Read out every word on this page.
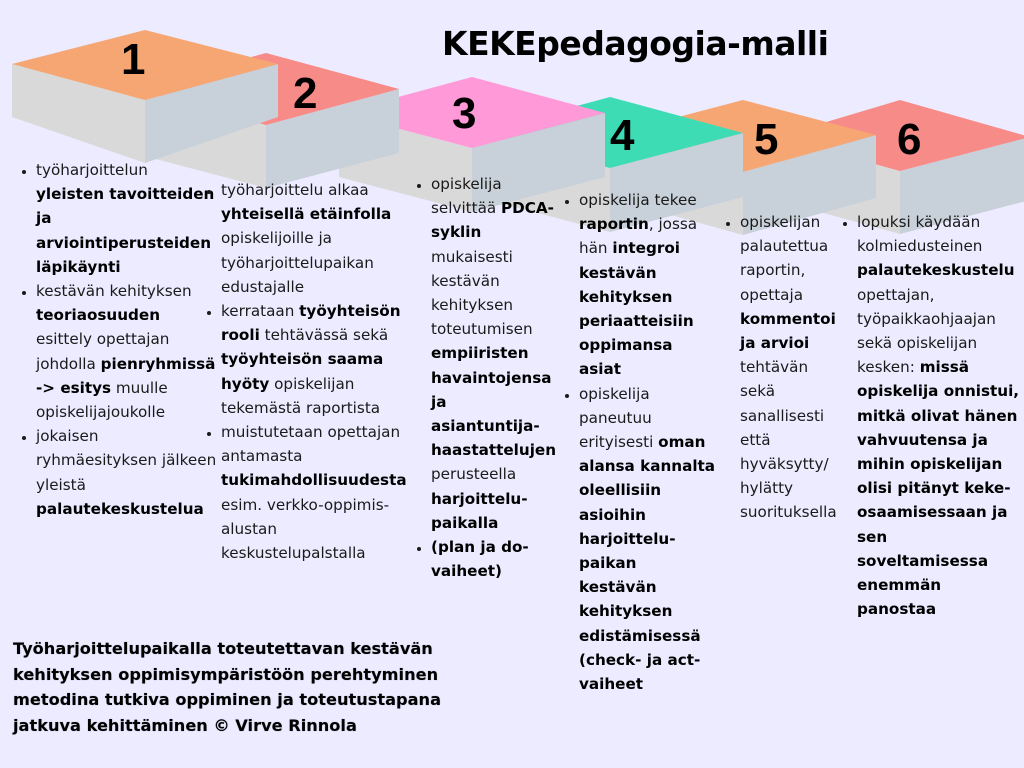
1
2	3	4	5	6
KEKEpedagogia-malli
• työharjoittelun yleisten tavoitteiden ja arviointiperusteiden läpikäynti
• kestävän kehityksen teoriaosuuden esittely opettajan johdolla pienryhmissä -> esitys muulle opiskelijajoukolle
• jokaisen ryhmäesityksen jälkeen yleistä palautekeskustelua
• työharjoittelu alkaa yhteisellä etäinfolla opiskelijoille ja työharjoittelupaikan edustajalle
• kerrataan työyhteisön rooli tehtävässä sekä työyhteisön saama hyöty opiskelijan tekemästä raportista
• muistutetaan opettajan antamasta tukimahdollisuudesta esim. verkko-oppimis-alustan keskustelupalstalla
• opiskelija selvittää PDCA-syklin mukaisesti kestävän kehityksen toteutumisen empiiristen havaintojensa ja asiantuntija-haastattelujen perusteella harjoittelu-paikalla
• (plan ja do-vaiheet)
• opiskelija tekee raportin, jossa hän integroi kestävän kehityksen periaatteisiin oppimansa asiat
• opiskelija paneutuu erityisesti oman alansa kannalta oleellisiin asioihin harjoittelu-paikan kestävän kehityksen edistämisessä (check- ja act-vaiheet
• opiskelijan palautettua raportin, opettaja kommentoi ja arvioi tehtävän sekä sanallisesti että hyväksytty/ hylätty suorituksella
• lopuksi käydään kolmiedusteinen palautekeskustelu opettajan, työpaikkaohjaajan sekä opiskelijan kesken: missä opiskelija onnistui, mitkä olivat hänen vahvuutensa ja mihin opiskelijan olisi pitänyt keke-osaamisessaan ja sen soveltamisessa enemmän panostaa
Työharjoittelupaikalla toteutettavan kestävän kehityksen oppimisympäristöön perehtyminen metodina tutkiva oppiminen ja toteutustapana jatkuva kehittäminen © Virve Rinnola
